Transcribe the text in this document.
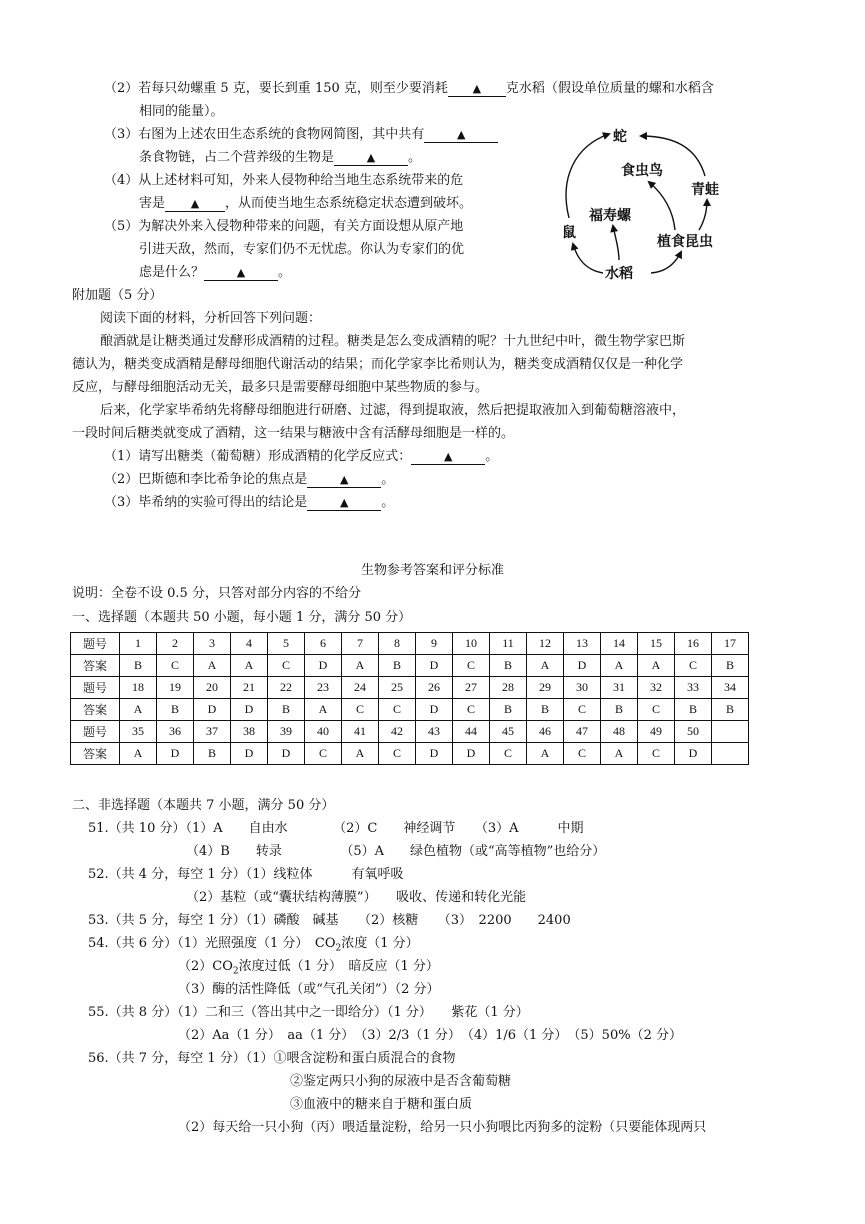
（2）若每只幼螺重 5 克，要长到重 150 克，则至少要消耗 ▲ 克水稻（假设单位质量的螺和水稻含
相同的能量）。
（3）右图为上述农田生态系统的食物网简图，其中共有	▲
条食物链，占二个营养级的生物是	▲	。
（4）从上述材料可知，外来人侵物种给当地生态系统带来的危
害是 ▲ ，从而使当地生态系统稳定状态遭到破坏。
（5）为解决外来入侵物种带来的问题，有关方面设想从原产地
引进天敌，然而，专家们仍不无忧虑。你认为专家们的优
虑是什么？	▲	。
蛇
食虫鸟
青蛙
福寿螺
鼠
植食昆虫
水稻
附加题（5 分）
阅读下面的材料，分析回答下列问题：
酿酒就是让糖类通过发酵形成酒精的过程。糖类是怎么变成酒精的呢？十九世纪中叶，微生物学家巴斯
德认为，糖类变成酒精是酵母细胞代谢活动的结果；而化学家李比希则认为，糖类变成酒精仅仅是一种化学
反应，与酵母细胞活动无关，最多只是需要酵母细胞中某些物质的参与。
后来，化学家毕希纳先将酵母细胞进行研磨、过滤，得到提取液，然后把提取液加入到葡萄糖溶液中，
一段时间后糖类就变成了酒精，这一结果与糖液中含有活酵母细胞是一样的。
（1）请写出糖类（葡萄糖）形成酒精的化学反应式：	▲	。
（2）巴斯德和李比希争论的焦点是	▲	。
（3）毕希纳的实验可得出的结论是	▲	。
生物参考答案和评分标准
说明：全卷不设 0.5 分，只答对部分内容的不给分
一、选择题（本题共 50 小题，每小题 1 分，满分 50 分）
题号	1	2	3	4	5	6	7	8	9	10	11	12	13	14	15	16	17
答案	B	C	A	A	C	D	A	B	D	C	B	A	D	A	A	C	B
题号	18	19	20	21	22	23	24	25	26	27	28	29	30	31	32	33	34
答案	A	B	D	D	B	A	C	C	D	C	B	B	C	B	C	B	B
题号	35	36	37	38	39	40	41	42	43	44	45	46	47	48	49	50	
答案	A	D	B	D	D	C	A	C	D	D	C	A	C	A	C	D	
二、非选择题（本题共 7 小题，满分 50 分）
51.（共 10 分）（1）A　　自由水　　　　（2）C　　神经调节　　（3）A　　　中期
（4）B　　转录　　　　　（5）A　　绿色植物（或“高等植物”也给分）
52.（共 4 分，每空 1 分）（1）线粒体　　　有氧呼吸
（2）基粒（或“囊状结构薄膜”）　　吸收、传递和转化光能
53.（共 5 分，每空 1 分）（1）磷酸　碱基　　（2）核糖　　（3）　2200　　2400
54.（共 6 分）（1）光照强度（1 分）　$CO_2$浓度（1 分）
$(2)CO_2$浓度过低（1 分）　暗反应（1 分）
（3）酶的活性降低（或“气孔关闭”）（2 分）
55.（共 8 分）（1）二和三（答出其中之一即给分）（1 分）　　紫花（1 分）
（2）Aa（1 分）　aa（1 分）　（3）2/3（1 分）　（4）1/6（1 分）　（5）50%（2 分）
56.（共 7 分，每空 1 分）（1）①喂含淀粉和蛋白质混合的食物
②鉴定两只小狗的尿液中是否含葡萄糖
③血液中的糖来自于糖和蛋白质
（2）每天给一只小狗（丙）喂适量淀粉，给另一只小狗喂比丙狗多的淀粉（只要能体现两只
